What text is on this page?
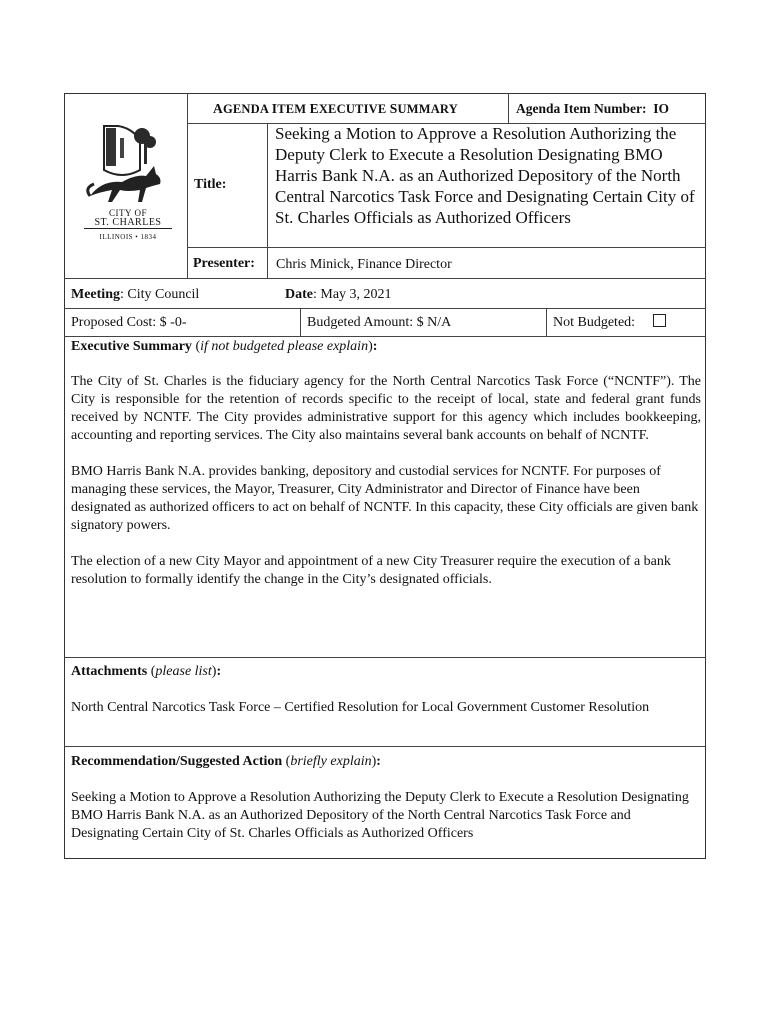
AGENDA ITEM EXECUTIVE SUMMARY	Agenda Item Number: IO
CITY OF
ST. CHARLES
ILLINOIS • 1834
Title:
Seeking a Motion to Approve a Resolution Authorizing the Deputy Clerk to Execute a Resolution Designating BMO Harris Bank N.A. as an Authorized Depository of the North Central Narcotics Task Force and Designating Certain City of St. Charles Officials as Authorized Officers
Presenter: Chris Minick, Finance Director
Meeting: City Council	Date: May 3, 2021
Proposed Cost: $ -0-	Budgeted Amount: $ N/A	Not Budgeted:
Executive Summary (if not budgeted please explain):

The City of St. Charles is the fiduciary agency for the North Central Narcotics Task Force (“NCNTF”). The City is responsible for the retention of records specific to the receipt of local, state and federal grant funds received by NCNTF. The City provides administrative support for this agency which includes bookkeeping, accounting and reporting services. The City also maintains several bank accounts on behalf of NCNTF.

BMO Harris Bank N.A. provides banking, depository and custodial services for NCNTF. For purposes of managing these services, the Mayor, Treasurer, City Administrator and Director of Finance have been designated as authorized officers to act on behalf of NCNTF. In this capacity, these City officials are given bank signatory powers.

The election of a new City Mayor and appointment of a new City Treasurer require the execution of a bank resolution to formally identify the change in the City’s designated officials.

Attachments (please list):
North Central Narcotics Task Force – Certified Resolution for Local Government Customer Resolution
Recommendation/Suggested Action (briefly explain):
Seeking a Motion to Approve a Resolution Authorizing the Deputy Clerk to Execute a Resolution Designating BMO Harris Bank N.A. as an Authorized Depository of the North Central Narcotics Task Force and Designating Certain City of St. Charles Officials as Authorized Officers
